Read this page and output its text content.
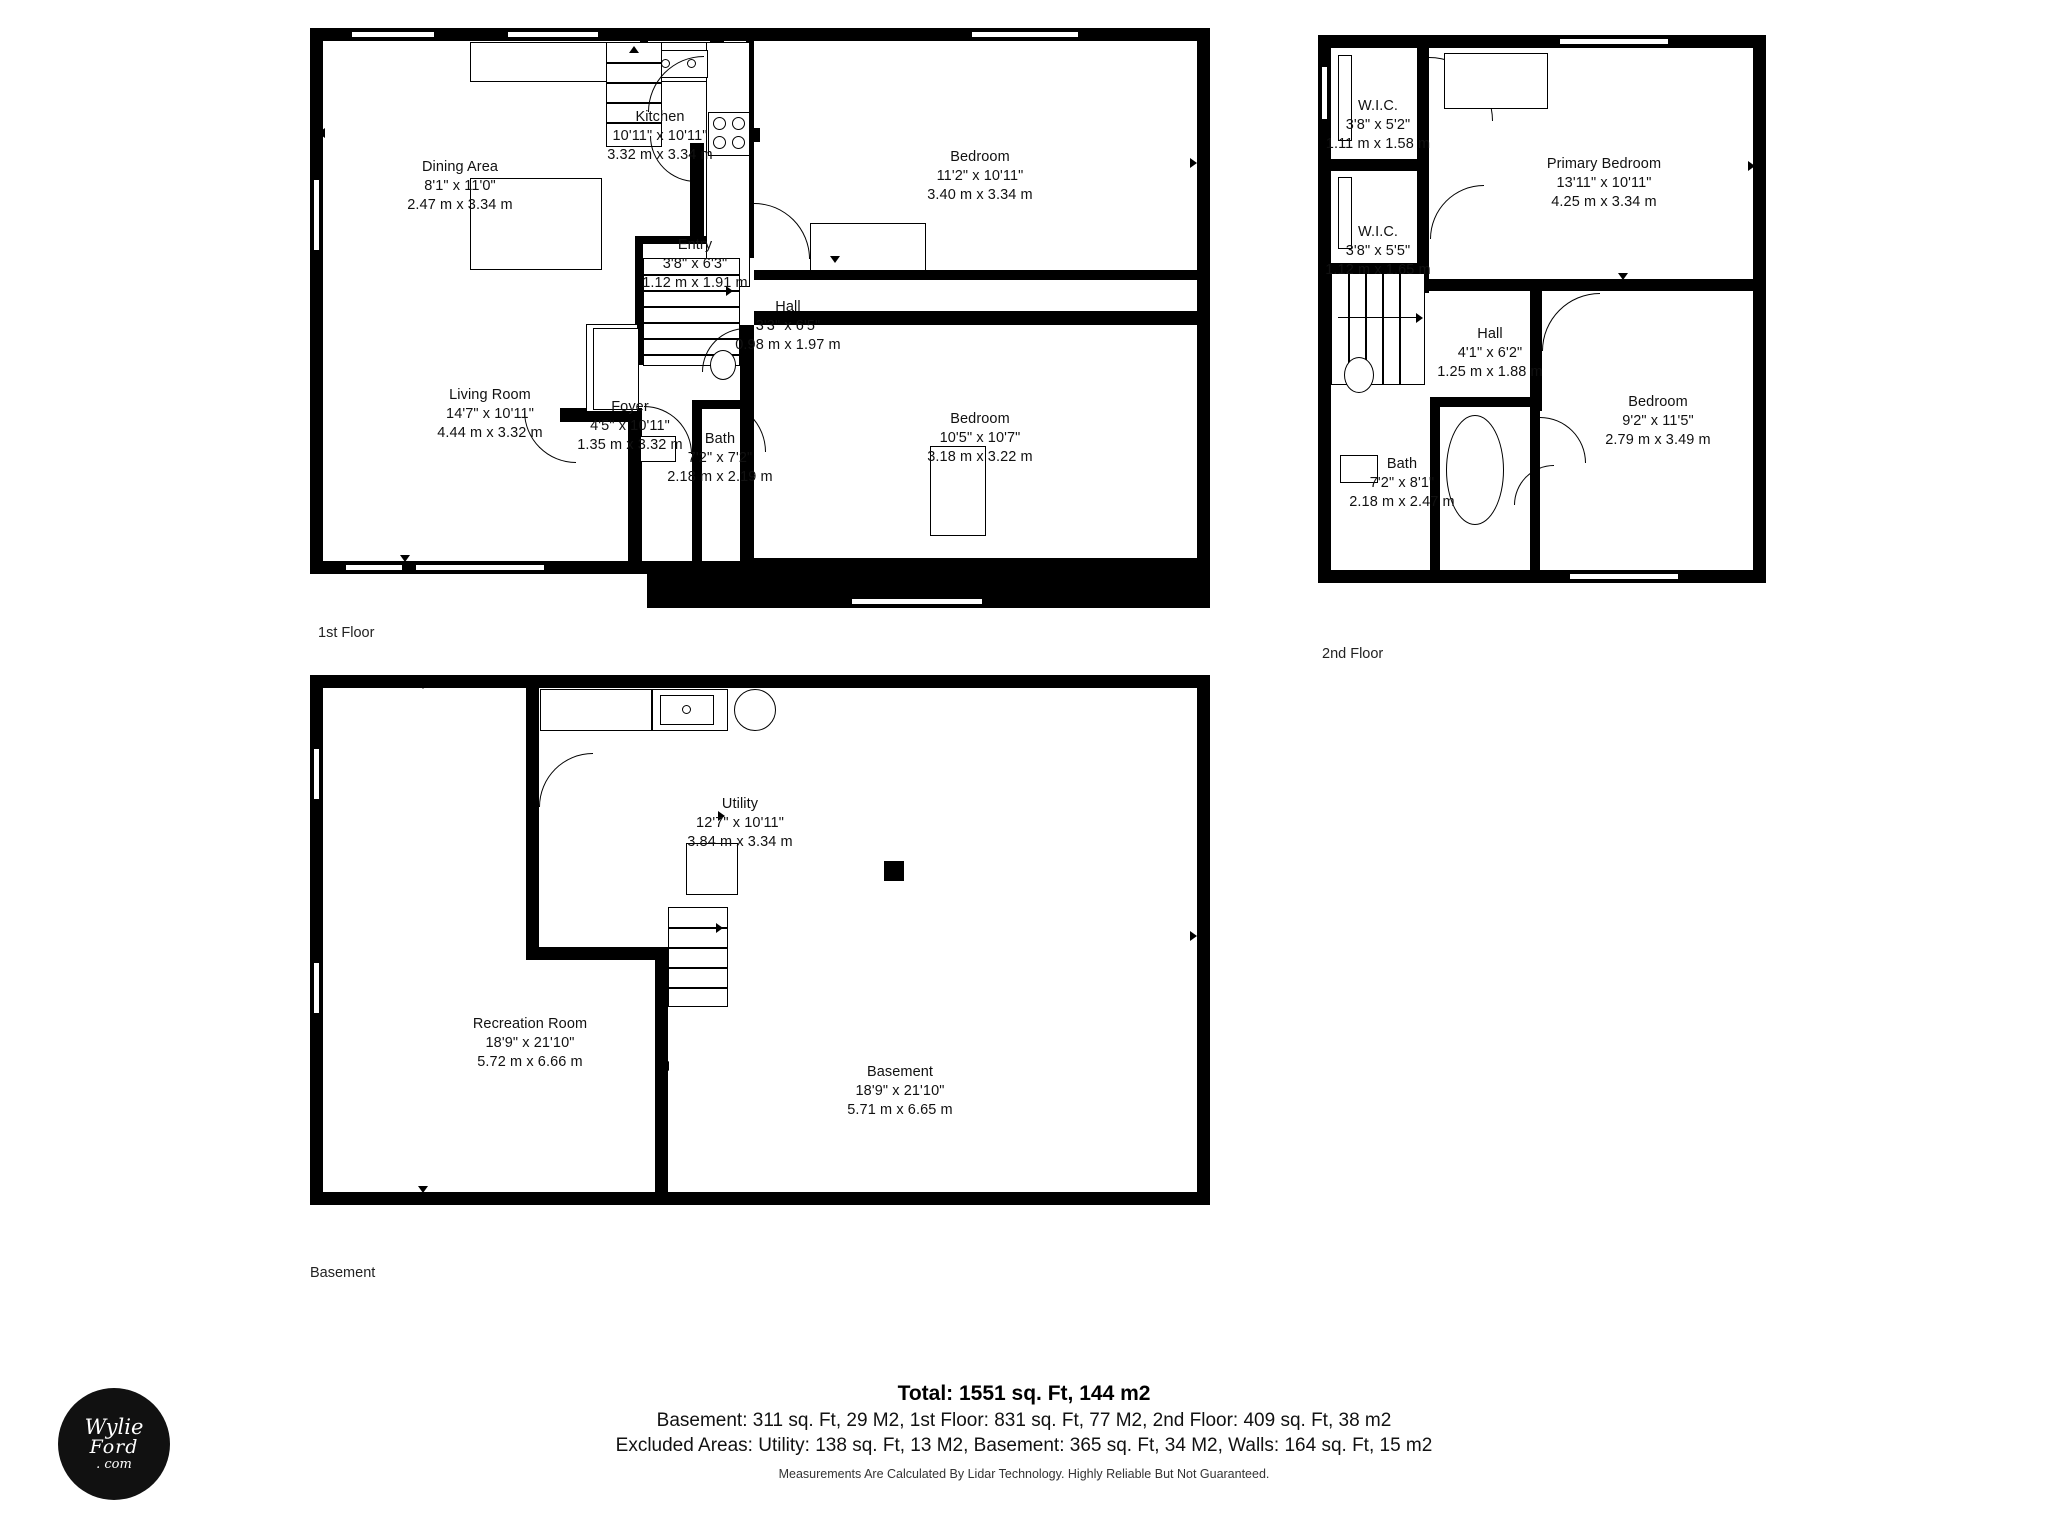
Dining Area
8'1" x 11'0"
2.47 m x 3.34 m
Kitchen
10'11" x 10'11"
3.32 m x 3.34 m	Bedroom
11'2" x 10'11"
3.40 m x 3.34 m
Entry
3'8" x 6'3"
1.12 m x 1.91 m
Hall
3'3" x 6'5"
0.98 m x 1.97 m
Living Room
14'7" x 10'11"
4.44 m x 3.32 m
Foyer
4'5" x 10'11"
1.35 m x 3.32 m	Bath
7'2" x 7'2"
2.18 m x 2.19 m
Bedroom
10'5" x 10'7"
3.18 m x 3.22 m
1st Floor
W.I.C.
3'8" x 5'2"
1.11 m x 1.58 m
W.I.C.
3'8" x 5'5"
1.12 m x 1.65 m
Primary Bedroom
13'11" x 10'11"
4.25 m x 3.34 m
Hall
4'1" x 6'2"
1.25 m x 1.88 m
Bedroom
9'2" x 11'5"
2.79 m x 3.49 m
Bath
7'2" x 8'1"
2.18 m x 2.47 m
2nd Floor
Utility
12'7" x 10'11"
3.84 m x 3.34 m
Recreation Room
18'9" x 21'10"
5.72 m x 6.66 m
Basement
18'9" x 21'10"
5.71 m x 6.65 m
Basement
Total: 1551 sq. Ft, 144 m2
Basement: 311 sq. Ft, 29 M2, 1st Floor: 831 sq. Ft, 77 M2, 2nd Floor: 409 sq. Ft, 38 m2
Excluded Areas: Utility: 138 sq. Ft, 13 M2, Basement: 365 sq. Ft, 34 M2, Walls: 164 sq. Ft, 15 m2
Measurements Are Calculated By Lidar Technology. Highly Reliable But Not Guaranteed.
Wylie
Ford
. com
